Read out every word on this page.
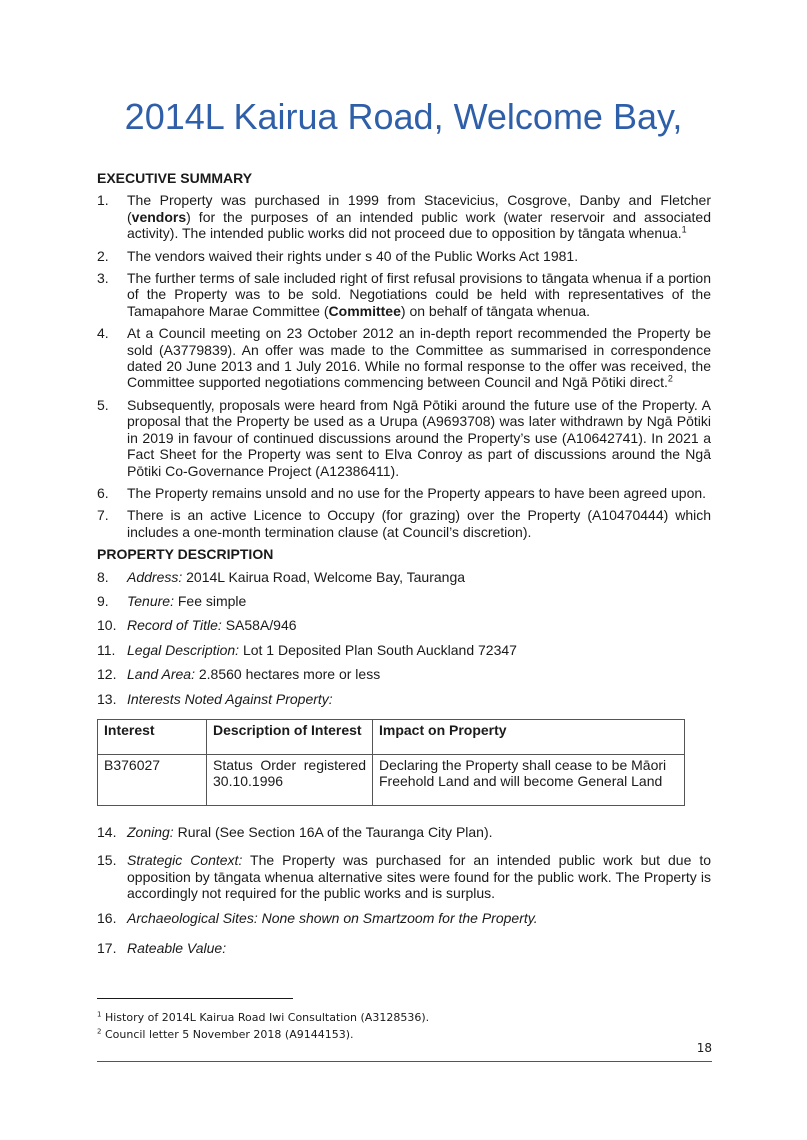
2014L Kairua Road, Welcome Bay,
EXECUTIVE SUMMARY
1. The Property was purchased in 1999 from Stacevicius, Cosgrove, Danby and Fletcher (vendors) for the purposes of an intended public work (water reservoir and associated activity). The intended public works did not proceed due to opposition by tāngata whenua.$^1$
2. The vendors waived their rights under s 40 of the Public Works Act 1981.
3. The further terms of sale included right of first refusal provisions to tāngata whenua if a portion of the Property was to be sold. Negotiations could be held with representatives of the Tamapahore Marae Committee (Committee) on behalf of tāngata whenua.
4. At a Council meeting on 23 October 2012 an in-depth report recommended the Property be sold (A3779839). An offer was made to the Committee as summarised in correspondence dated 20 June 2013 and 1 July 2016. While no formal response to the offer was received, the Committee supported negotiations commencing between Council and Ngā Pōtiki direct.$^2$
5. Subsequently, proposals were heard from Ngā Pōtiki around the future use of the Property. A proposal that the Property be used as a Urupa (A9693708) was later withdrawn by Ngā Pōtiki in 2019 in favour of continued discussions around the Property’s use (A10642741). In 2021 a Fact Sheet for the Property was sent to Elva Conroy as part of discussions around the Ngā Pōtiki Co-Governance Project (A12386411).
6. The Property remains unsold and no use for the Property appears to have been agreed upon.
7. There is an active Licence to Occupy (for grazing) over the Property (A10470444) which includes a one-month termination clause (at Council’s discretion).
PROPERTY DESCRIPTION
8. Address: 2014L Kairua Road, Welcome Bay, Tauranga
9. Tenure: Fee simple
10. Record of Title: SA58A/946
11. Legal Description: Lot 1 Deposited Plan South Auckland 72347
12. Land Area: 2.8560 hectares more or less
13. Interests Noted Against Property:
Interest	Description of Interest	Impact on Property
B376027	Status Order registered 30.10.1996	Declaring the Property shall cease to be Māori Freehold Land and will become General Land
14. Zoning: Rural (See Section 16A of the Tauranga City Plan).
15. Strategic Context: The Property was purchased for an intended public work but due to opposition by tāngata whenua alternative sites were found for the public work. The Property is accordingly not required for the public works and is surplus.
16. Archaeological Sites: None shown on Smartzoom for the Property.
17. Rateable Value:
$^1$ History of 2014L Kairua Road Iwi Consultation (A3128536).
$^2$ Council letter 5 November 2018 (A9144153).
18
